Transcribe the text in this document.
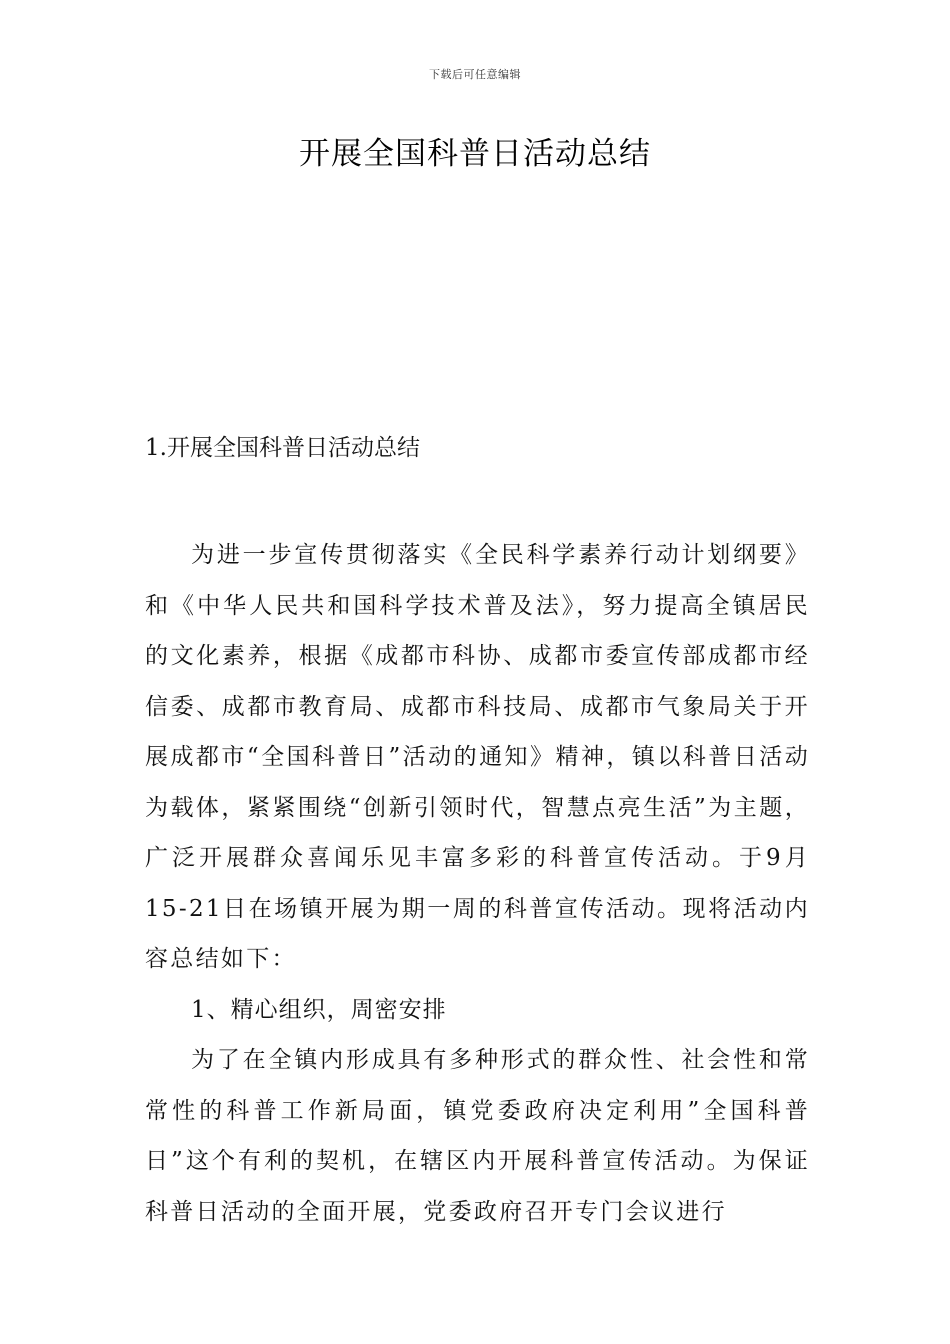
下载后可任意编辑
开展全国科普日活动总结
1.开展全国科普日活动总结

为进一步宣传贯彻落实《全民科学素养行动计划纲要》和《中华人民共和国科学技术普及法》，努力提高全镇居民的文化素养，根据《成都市科协、成都市委宣传部成都市经信委、成都市教育局、成都市科技局、成都市气象局关于开展成都市“全国科普日”活动的通知》精神，镇以科普日活动为载体，紧紧围绕“创新引领时代，智慧点亮生活”为主题，广泛开展群众喜闻乐见丰富多彩的科普宣传活动。于9月15-21日在场镇开展为期一周的科普宣传活动。现将活动内容总结如下：

1、精心组织，周密安排

为了在全镇内形成具有多种形式的群众性、社会性和常常性的科普工作新局面，镇党委政府决定利用”全国科普日”这个有利的契机，在辖区内开展科普宣传活动。为保证科普日活动的全面开展，党委政府召开专门会议进行
